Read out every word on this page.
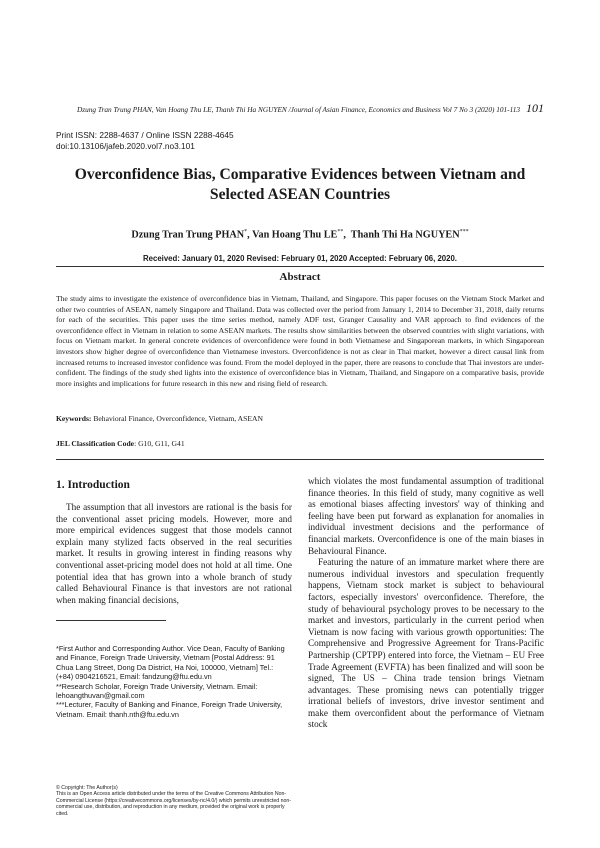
Dzung Tran Trung PHAN, Van Hoang Thu LE, Thanh Thi Ha NGUYEN /Journal of Asian Finance, Economics and Business Vol 7 No 3 (2020) 101-113 101
Print ISSN: 2288-4637 / Online ISSN 2288-4645
doi:10.13106/jafeb.2020.vol7.no3.101
Overconfidence Bias, Comparative Evidences between Vietnam and
Selected ASEAN Countries
Dzung Tran Trung PHAN*, Van Hoang Thu LE**,  Thanh Thi Ha NGUYEN***
Received: January 01, 2020 Revised: February 01, 2020 Accepted: February 06, 2020.
Abstract

The study aims to investigate the existence of overconfidence bias in Vietnam, Thailand, and Singapore. This paper focuses on the Vietnam Stock Market and other two countries of ASEAN, namely Singapore and Thailand. Data was collected over the period from January 1, 2014 to December 31, 2018, daily returns for each of the securities. This paper uses the time series method, namely ADF test, Granger Causality and VAR approach to find evidences of the overconfidence effect in Vietnam in relation to some ASEAN markets. The results show similarities between the observed countries with slight variations, with focus on Vietnam market. In general concrete evidences of overconfidence were found in both Vietnamese and Singaporean markets, in which Singaporean investors show higher degree of overconfidence than Vietnamese investors. Overconfidence is not as clear in Thai market, however a direct causal link from increased returns to increased investor confidence was found. From the model deployed in the paper, there are reasons to conclude that Thai investors are under-confident. The findings of the study shed lights into the existence of overconfidence bias in Vietnam, Thailand, and Singapore on a comparative basis, provide more insights and implications for future research in this new and rising field of research.

Keywords: Behavioral Finance, Overconfidence, Vietnam, ASEAN
JEL Classification Code: G10, G11, G41
1. Introduction

The assumption that all investors are rational is the basis for the conventional asset pricing models. However, more and more empirical evidences suggest that those models cannot explain many stylized facts observed in the real securities market. It results in growing interest in finding reasons why conventional asset-pricing model does not hold at all time. One potential idea that has grown into a whole branch of study called Behavioural Finance is that investors are not rational when making financial decisions,

which violates the most fundamental assumption of traditional finance theories. In this field of study, many cognitive as well as emotional biases affecting investors' way of thinking and feeling have been put forward as explanation for anomalies in individual investment decisions and the performance of financial markets. Overconfidence is one of the main biases in Behavioural Finance.

Featuring the nature of an immature market where there are numerous individual investors and speculation frequently happens, Vietnam stock market is subject to behavioural factors, especially investors' overconfidence. Therefore, the study of behavioural psychology proves to be necessary to the market and investors, particularly in the current period when Vietnam is now facing with various growth opportunities: The Comprehensive and Progressive Agreement for Trans-Pacific Partnership (CPTPP) entered into force, the Vietnam – EU Free Trade Agreement (EVFTA) has been finalized and will soon be signed, The US – China trade tension brings Vietnam advantages. These promising news can potentially trigger irrational beliefs of investors, drive investor sentiment and make them overconfident about the performance of Vietnam stock

*First Author and Corresponding Author. Vice Dean, Faculty of Banking and Finance, Foreign Trade University, Vietnam [Postal Address: 91 Chua Lang Street, Dong Da District, Ha Noi, 100000, Vietnam] Tel.: (+84) 0904216521, Email: fandzung@ftu.edu.vn
**Research Scholar, Foreign Trade University, Vietnam. Email: lehoangthuvan@gmail.com
***Lecturer, Faculty of Banking and Finance, Foreign Trade University, Vietnam. Email: thanh.nth@ftu.edu.vn
© Copyright: The Author(s)
This is an Open Access article distributed under the terms of the Creative Commons Attribution Non-Commercial License (https://creativecommons.org/licenses/by-nc/4.0/) which permits unrestricted non-commercial use, distribution, and reproduction in any medium, provided the original work is properly cited.
